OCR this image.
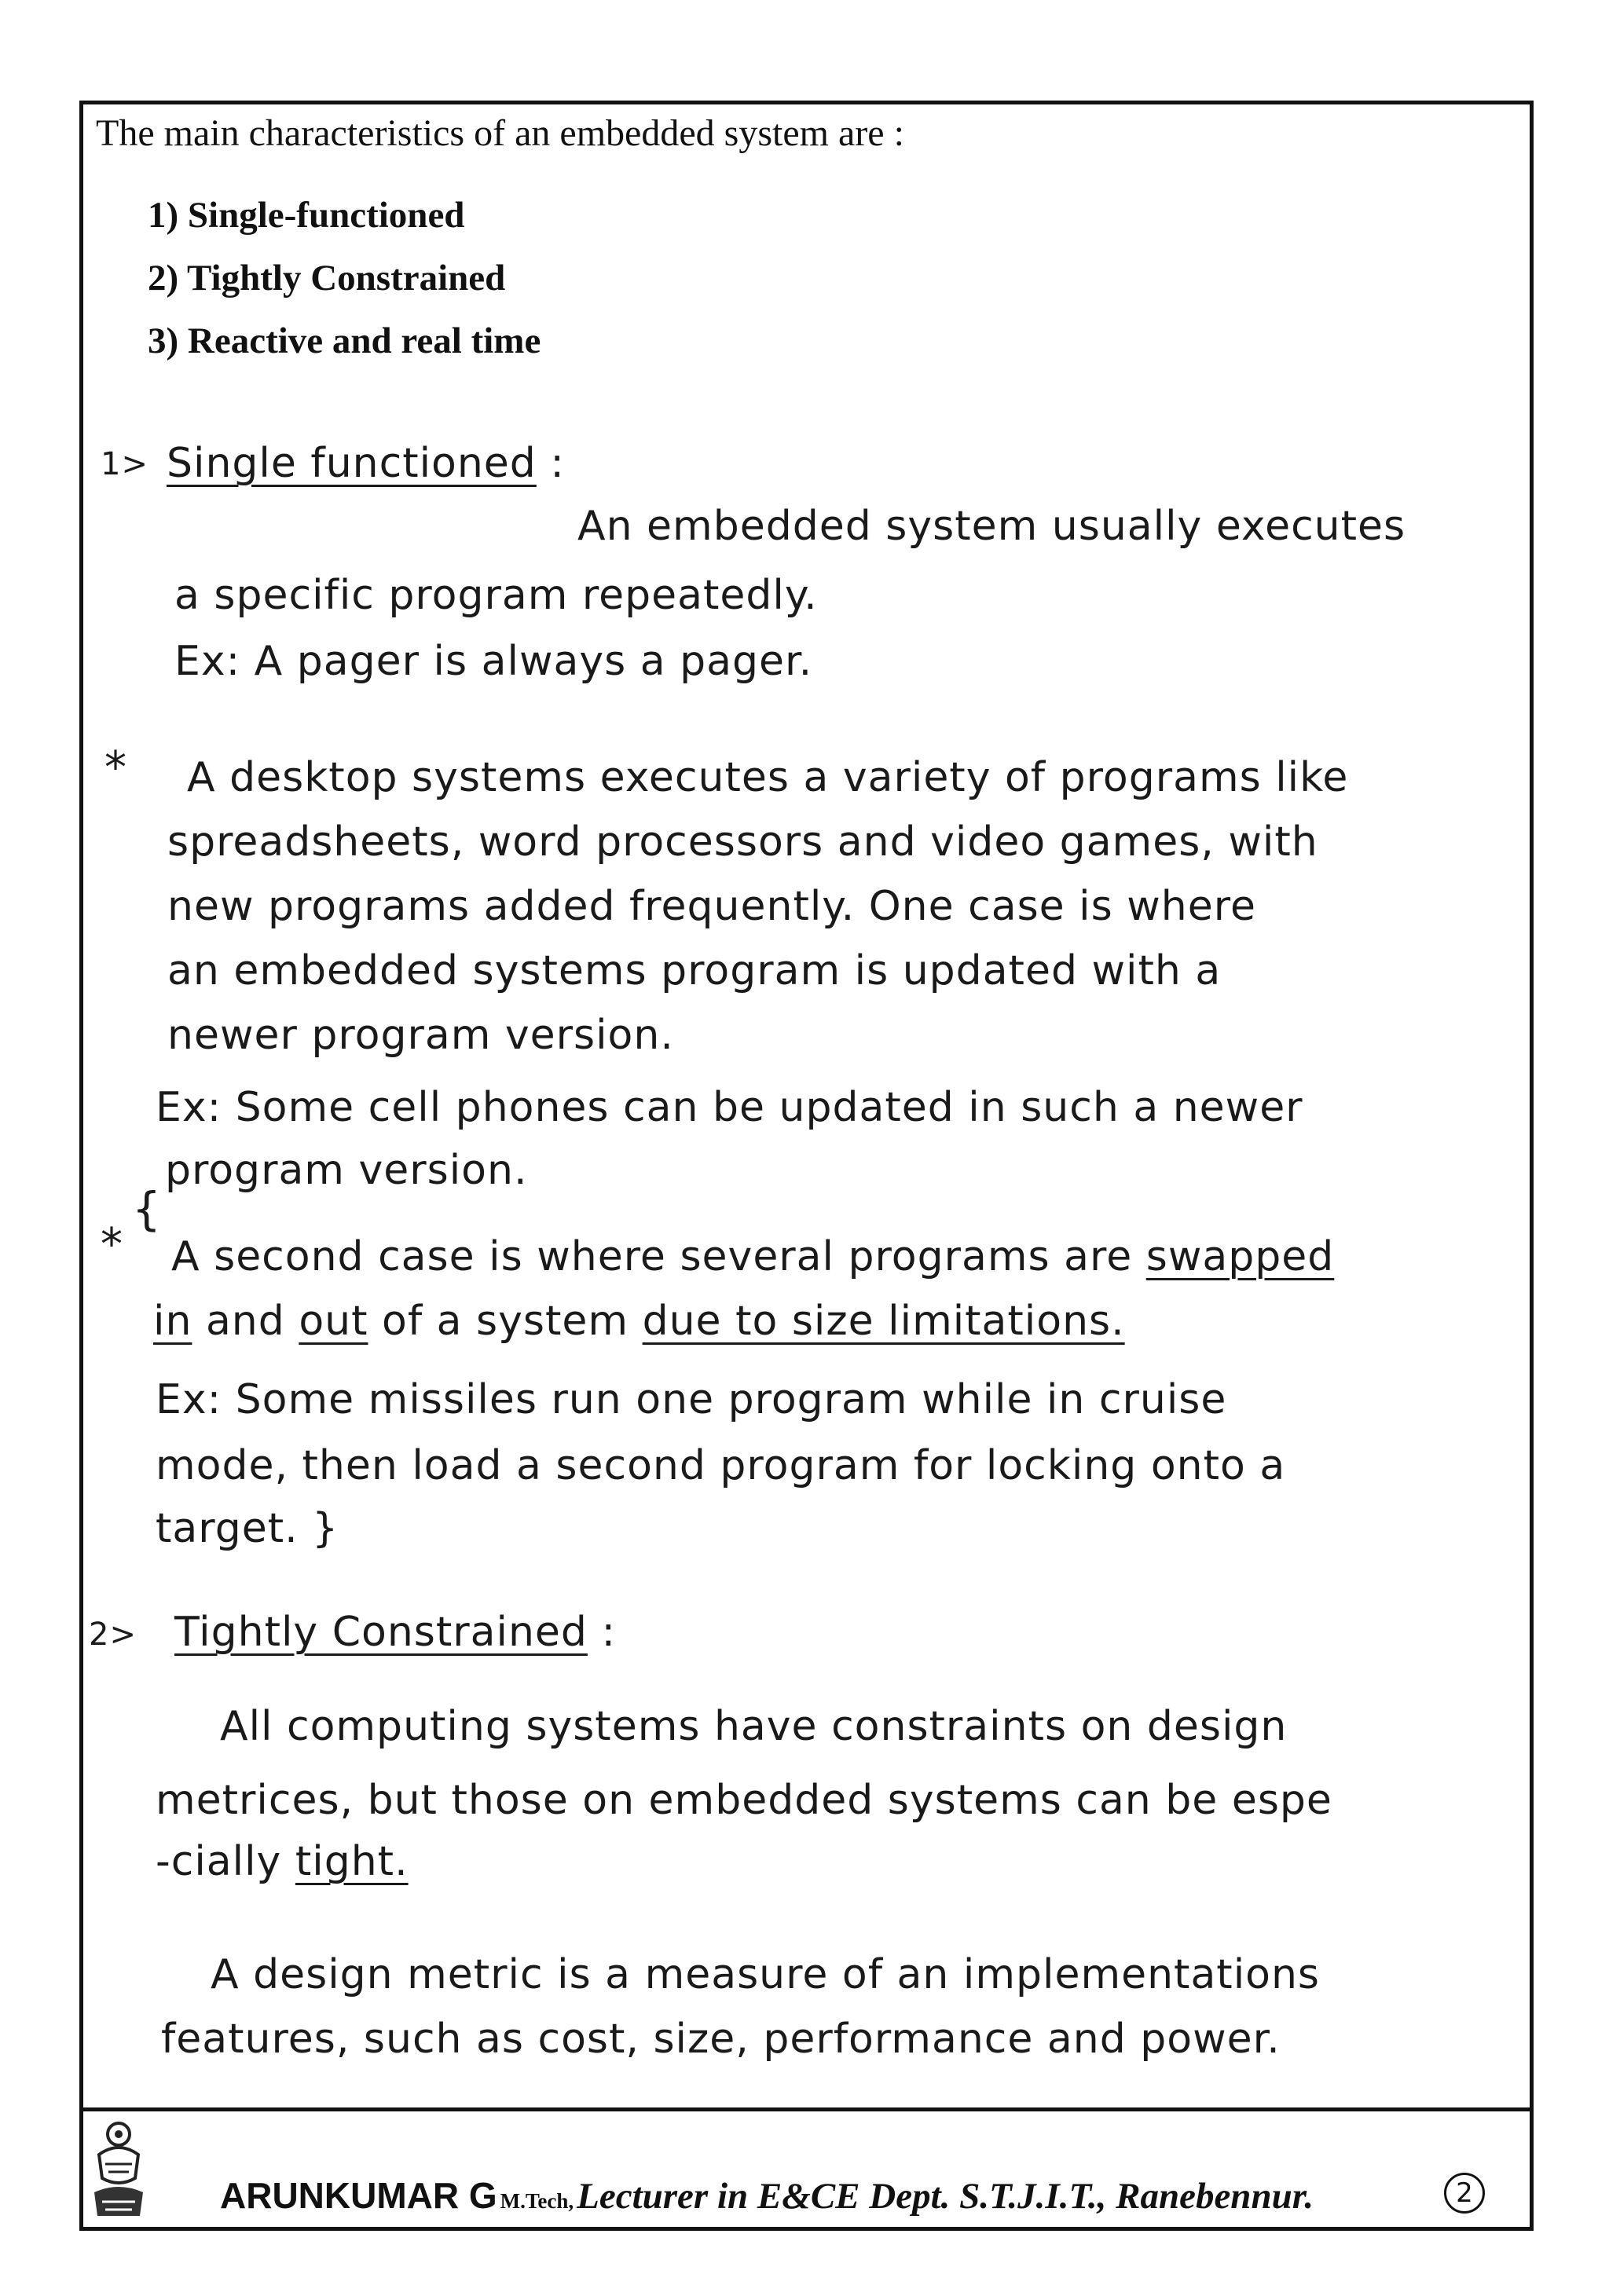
The main characteristics of an embedded system are :

1) Single-functioned
2) Tightly Constrained
3) Reactive and real time

1> Single functioned :

An embedded system usually executes

a specific program repeatedly.

Ex: A pager is always a pager.

* A desktop systems executes a variety of programs like

spreadsheets, word processors and video games, with

new programs added frequently. One case is where

an embedded systems program is updated with a

newer program version.

Ex: Some cell phones can be updated in such a newer

program version.

*

{

A second case is where several programs are swapped

in and out of a system due to size limitations.

Ex: Some missiles run one program while in cruise

mode, then load a second program for locking onto a

target. }

2> Tightly Constrained :

All computing systems have constraints on design

metrices, but those on embedded systems can be espe

-cially tight.

A design metric is a measure of an implementations

features, such as cost, size, performance and power.

ARUNKUMAR G M.Tech, Lecturer in E&CE Dept. S.T.J.I.T., Ranebennur.	2
